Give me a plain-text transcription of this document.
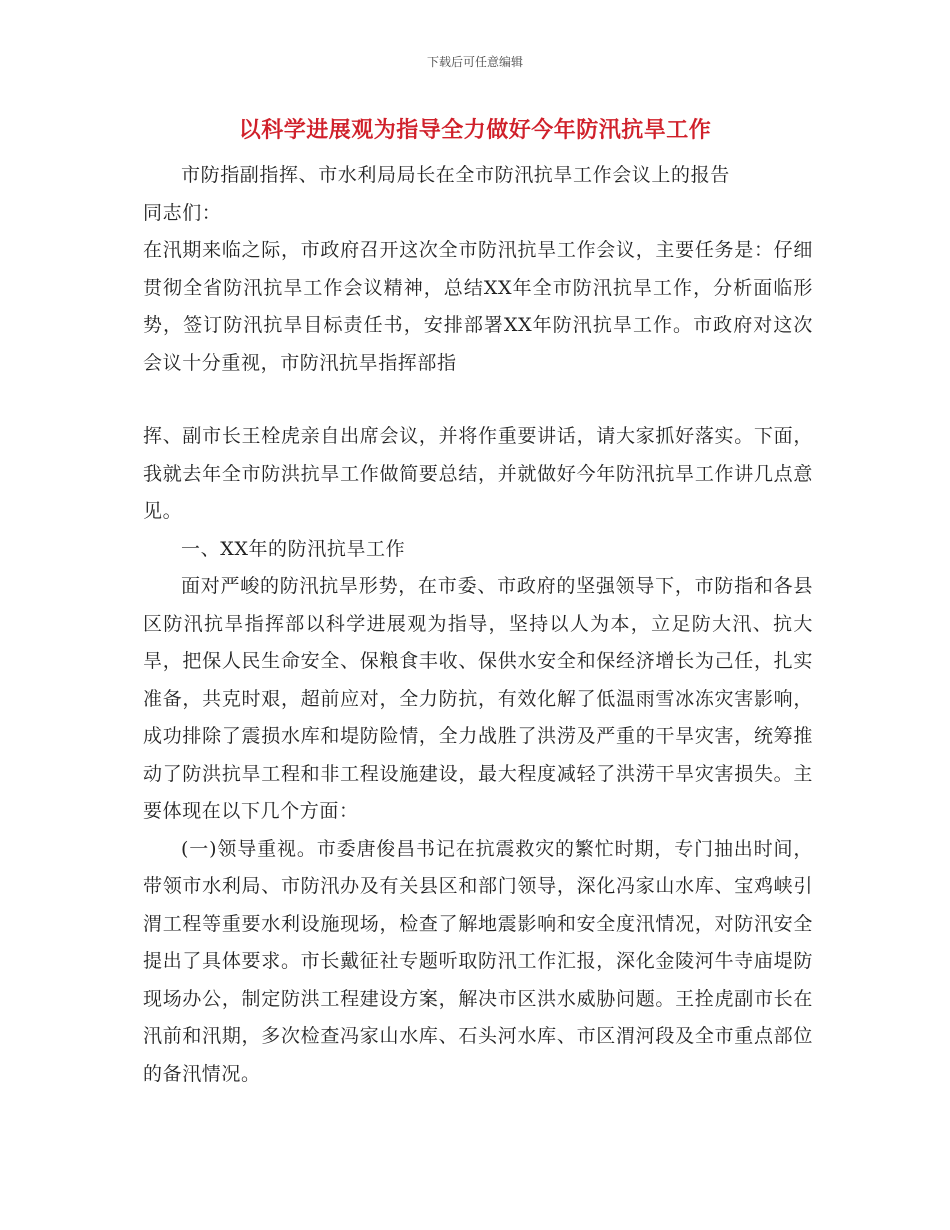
下载后可任意编辑
以科学进展观为指导全力做好今年防汛抗旱工作

市防指副指挥、市水利局局长在全市防汛抗旱工作会议上的报告

同志们：

在汛期来临之际，市政府召开这次全市防汛抗旱工作会议，主要任务是：仔细贯彻全省防汛抗旱工作会议精神，总结XX年全市防汛抗旱工作，分析面临形势，签订防汛抗旱目标责任书，安排部署XX年防汛抗旱工作。市政府对这次会议十分重视，市防汛抗旱指挥部指

挥、副市长王栓虎亲自出席会议，并将作重要讲话，请大家抓好落实。下面，我就去年全市防洪抗旱工作做简要总结，并就做好今年防汛抗旱工作讲几点意见。

一、XX年的防汛抗旱工作

面对严峻的防汛抗旱形势，在市委、市政府的坚强领导下，市防指和各县区防汛抗旱指挥部以科学进展观为指导，坚持以人为本，立足防大汛、抗大旱，把保人民生命安全、保粮食丰收、保供水安全和保经济增长为己任，扎实准备，共克时艰，超前应对，全力防抗，有效化解了低温雨雪冰冻灾害影响，成功排除了震损水库和堤防险情，全力战胜了洪涝及严重的干旱灾害，统筹推动了防洪抗旱工程和非工程设施建设，最大程度减轻了洪涝干旱灾害损失。主要体现在以下几个方面：

(一)领导重视。市委唐俊昌书记在抗震救灾的繁忙时期，专门抽出时间，带领市水利局、市防汛办及有关县区和部门领导，深化冯家山水库、宝鸡峡引渭工程等重要水利设施现场，检查了解地震影响和安全度汛情况，对防汛安全提出了具体要求。市长戴征社专题听取防汛工作汇报，深化金陵河牛寺庙堤防现场办公，制定防洪工程建设方案，解决市区洪水威胁问题。王拴虎副市长在汛前和汛期，多次检查冯家山水库、石头河水库、市区渭河段及全市重点部位的备汛情况。
